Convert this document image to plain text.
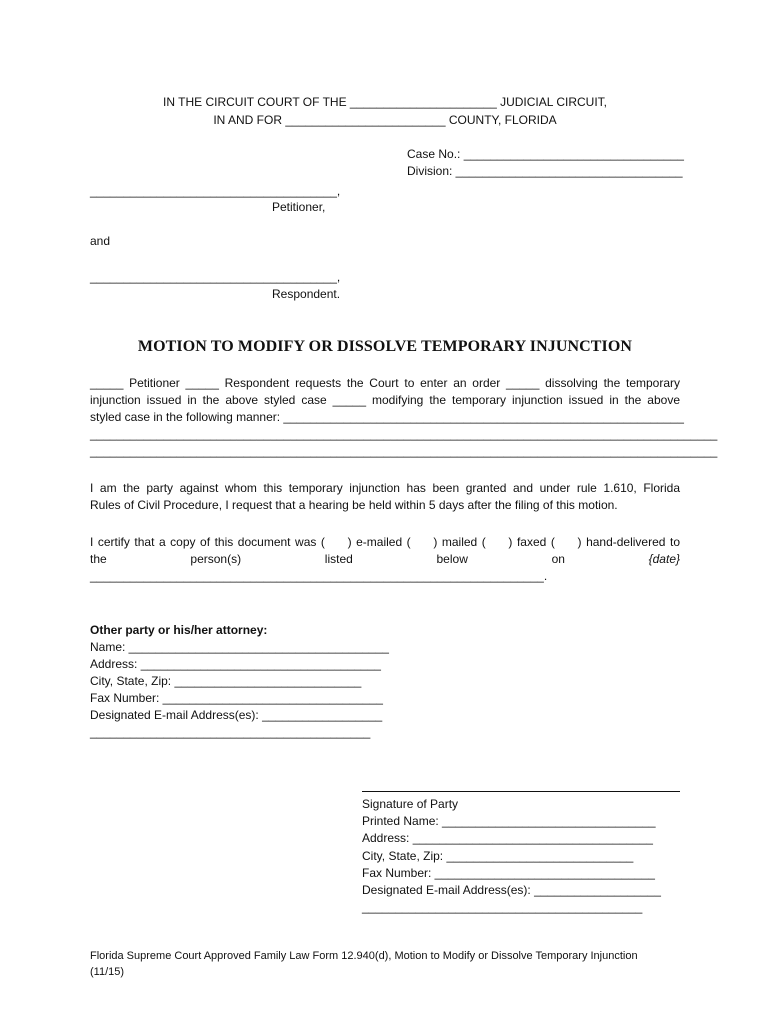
IN THE CIRCUIT COURT OF THE ______________________ JUDICIAL CIRCUIT,
IN AND FOR ________________________ COUNTY, FLORIDA
Case No.: _________________________________
Division: __________________________________
_____________________________________,
Petitioner,
and
_____________________________________,
Respondent.
MOTION TO MODIFY OR DISSOLVE TEMPORARY INJUNCTION
_____ Petitioner _____ Respondent requests the Court to enter an order _____ dissolving the temporary
injunction issued in the above styled case _____ modifying the temporary injunction issued in the above
styled case in the following manner: ____________________________________________________________
______________________________________________________________________________________________
______________________________________________________________________________________________
I am the party against whom this temporary injunction has been granted and under rule 1.610, Florida
Rules of Civil Procedure, I request that a hearing be held within 5 days after the filing of this motion.
I certify that a copy of this document was (     ) e-mailed (     ) mailed (     ) faxed (     ) hand-delivered to
the	person(s)	listed	below	on	{date}
____________________________________________________________________.
Other party or his/her attorney:
Name: _______________________________________
Address: ____________________________________
City, State, Zip: ____________________________
Fax Number: _________________________________
Designated E-mail Address(es): __________________
__________________________________________
Signature of Party
Printed Name: ________________________________
Address: ____________________________________
City, State, Zip: ____________________________
Fax Number: _________________________________
Designated E-mail Address(es): ___________________
__________________________________________
Florida Supreme Court Approved Family Law Form 12.940(d), Motion to Modify or Dissolve Temporary Injunction
(11/15)
